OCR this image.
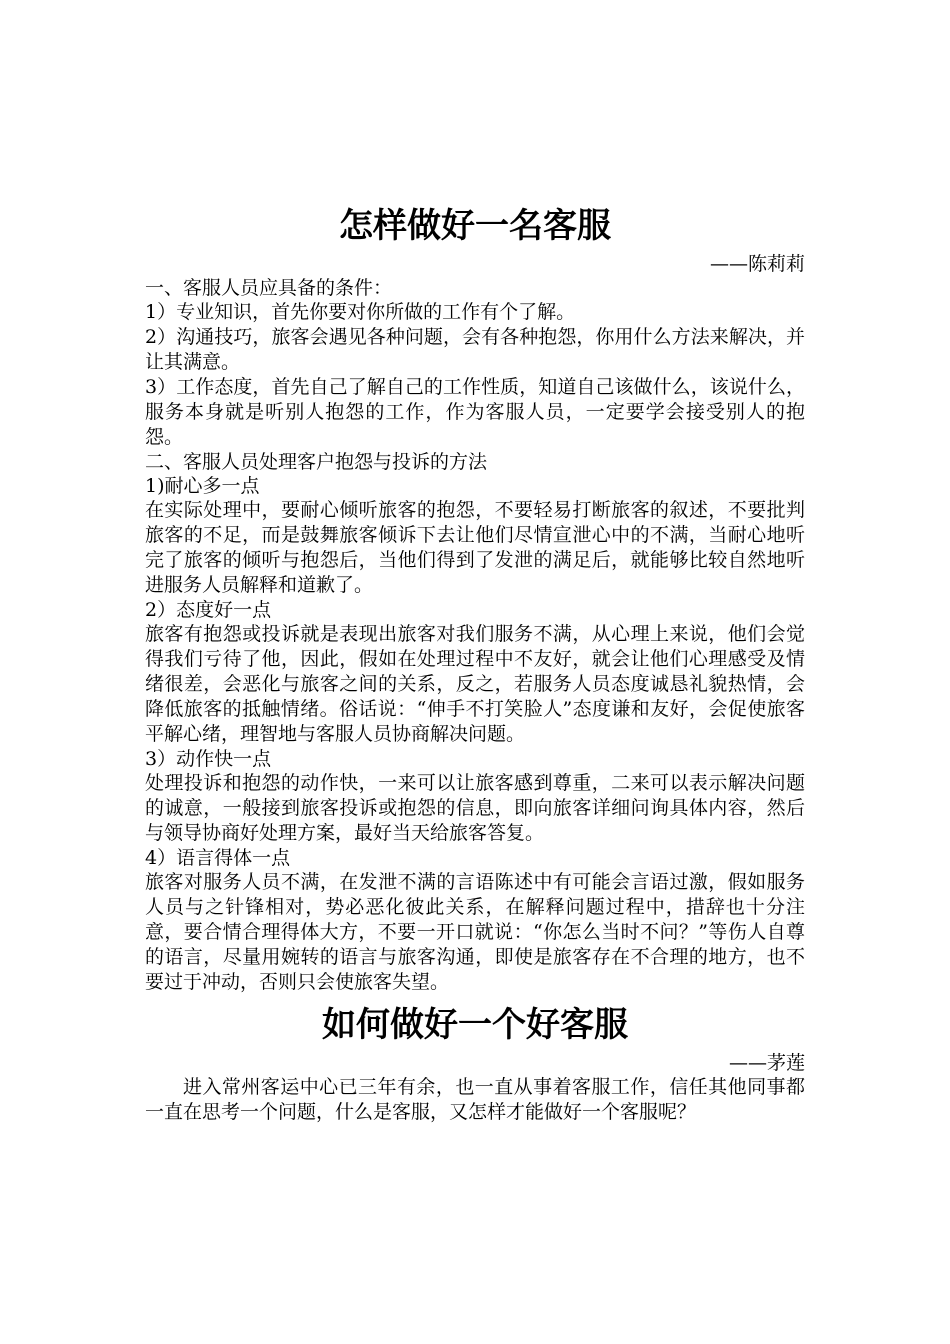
怎样做好一名客服

——陈莉莉

一、客服人员应具备的条件：

1）专业知识，首先你要对你所做的工作有个了解。

2）沟通技巧，旅客会遇见各种问题，会有各种抱怨，你用什么方法来解决，并让其满意。

3）工作态度，首先自己了解自己的工作性质，知道自己该做什么，该说什么，服务本身就是听别人抱怨的工作，作为客服人员，一定要学会接受别人的抱怨。

二、客服人员处理客户抱怨与投诉的方法

1)耐心多一点

在实际处理中，要耐心倾听旅客的抱怨，不要轻易打断旅客的叙述，不要批判旅客的不足，而是鼓舞旅客倾诉下去让他们尽情宣泄心中的不满，当耐心地听完了旅客的倾听与抱怨后，当他们得到了发泄的满足后，就能够比较自然地听进服务人员解释和道歉了。

2）态度好一点

旅客有抱怨或投诉就是表现出旅客对我们服务不满，从心理上来说，他们会觉得我们亏待了他，因此，假如在处理过程中不友好，就会让他们心理感受及情绪很差，会恶化与旅客之间的关系，反之，若服务人员态度诚恳礼貌热情，会降低旅客的抵触情绪。俗话说：“伸手不打笑脸人”态度谦和友好，会促使旅客平解心绪，理智地与客服人员协商解决问题。

3）动作快一点

处理投诉和抱怨的动作快，一来可以让旅客感到尊重，二来可以表示解决问题的诚意，一般接到旅客投诉或抱怨的信息，即向旅客详细问询具体内容，然后与领导协商好处理方案，最好当天给旅客答复。

4）语言得体一点

旅客对服务人员不满，在发泄不满的言语陈述中有可能会言语过激，假如服务人员与之针锋相对，势必恶化彼此关系，在解释问题过程中，措辞也十分注意，要合情合理得体大方，不要一开口就说：“你怎么当时不问？”等伤人自尊的语言，尽量用婉转的语言与旅客沟通，即使是旅客存在不合理的地方，也不要过于冲动，否则只会使旅客失望。

如何做好一个好客服

——茅莲

进入常州客运中心已三年有余，也一直从事着客服工作，信任其他同事都一直在思考一个问题，什么是客服，又怎样才能做好一个客服呢？
